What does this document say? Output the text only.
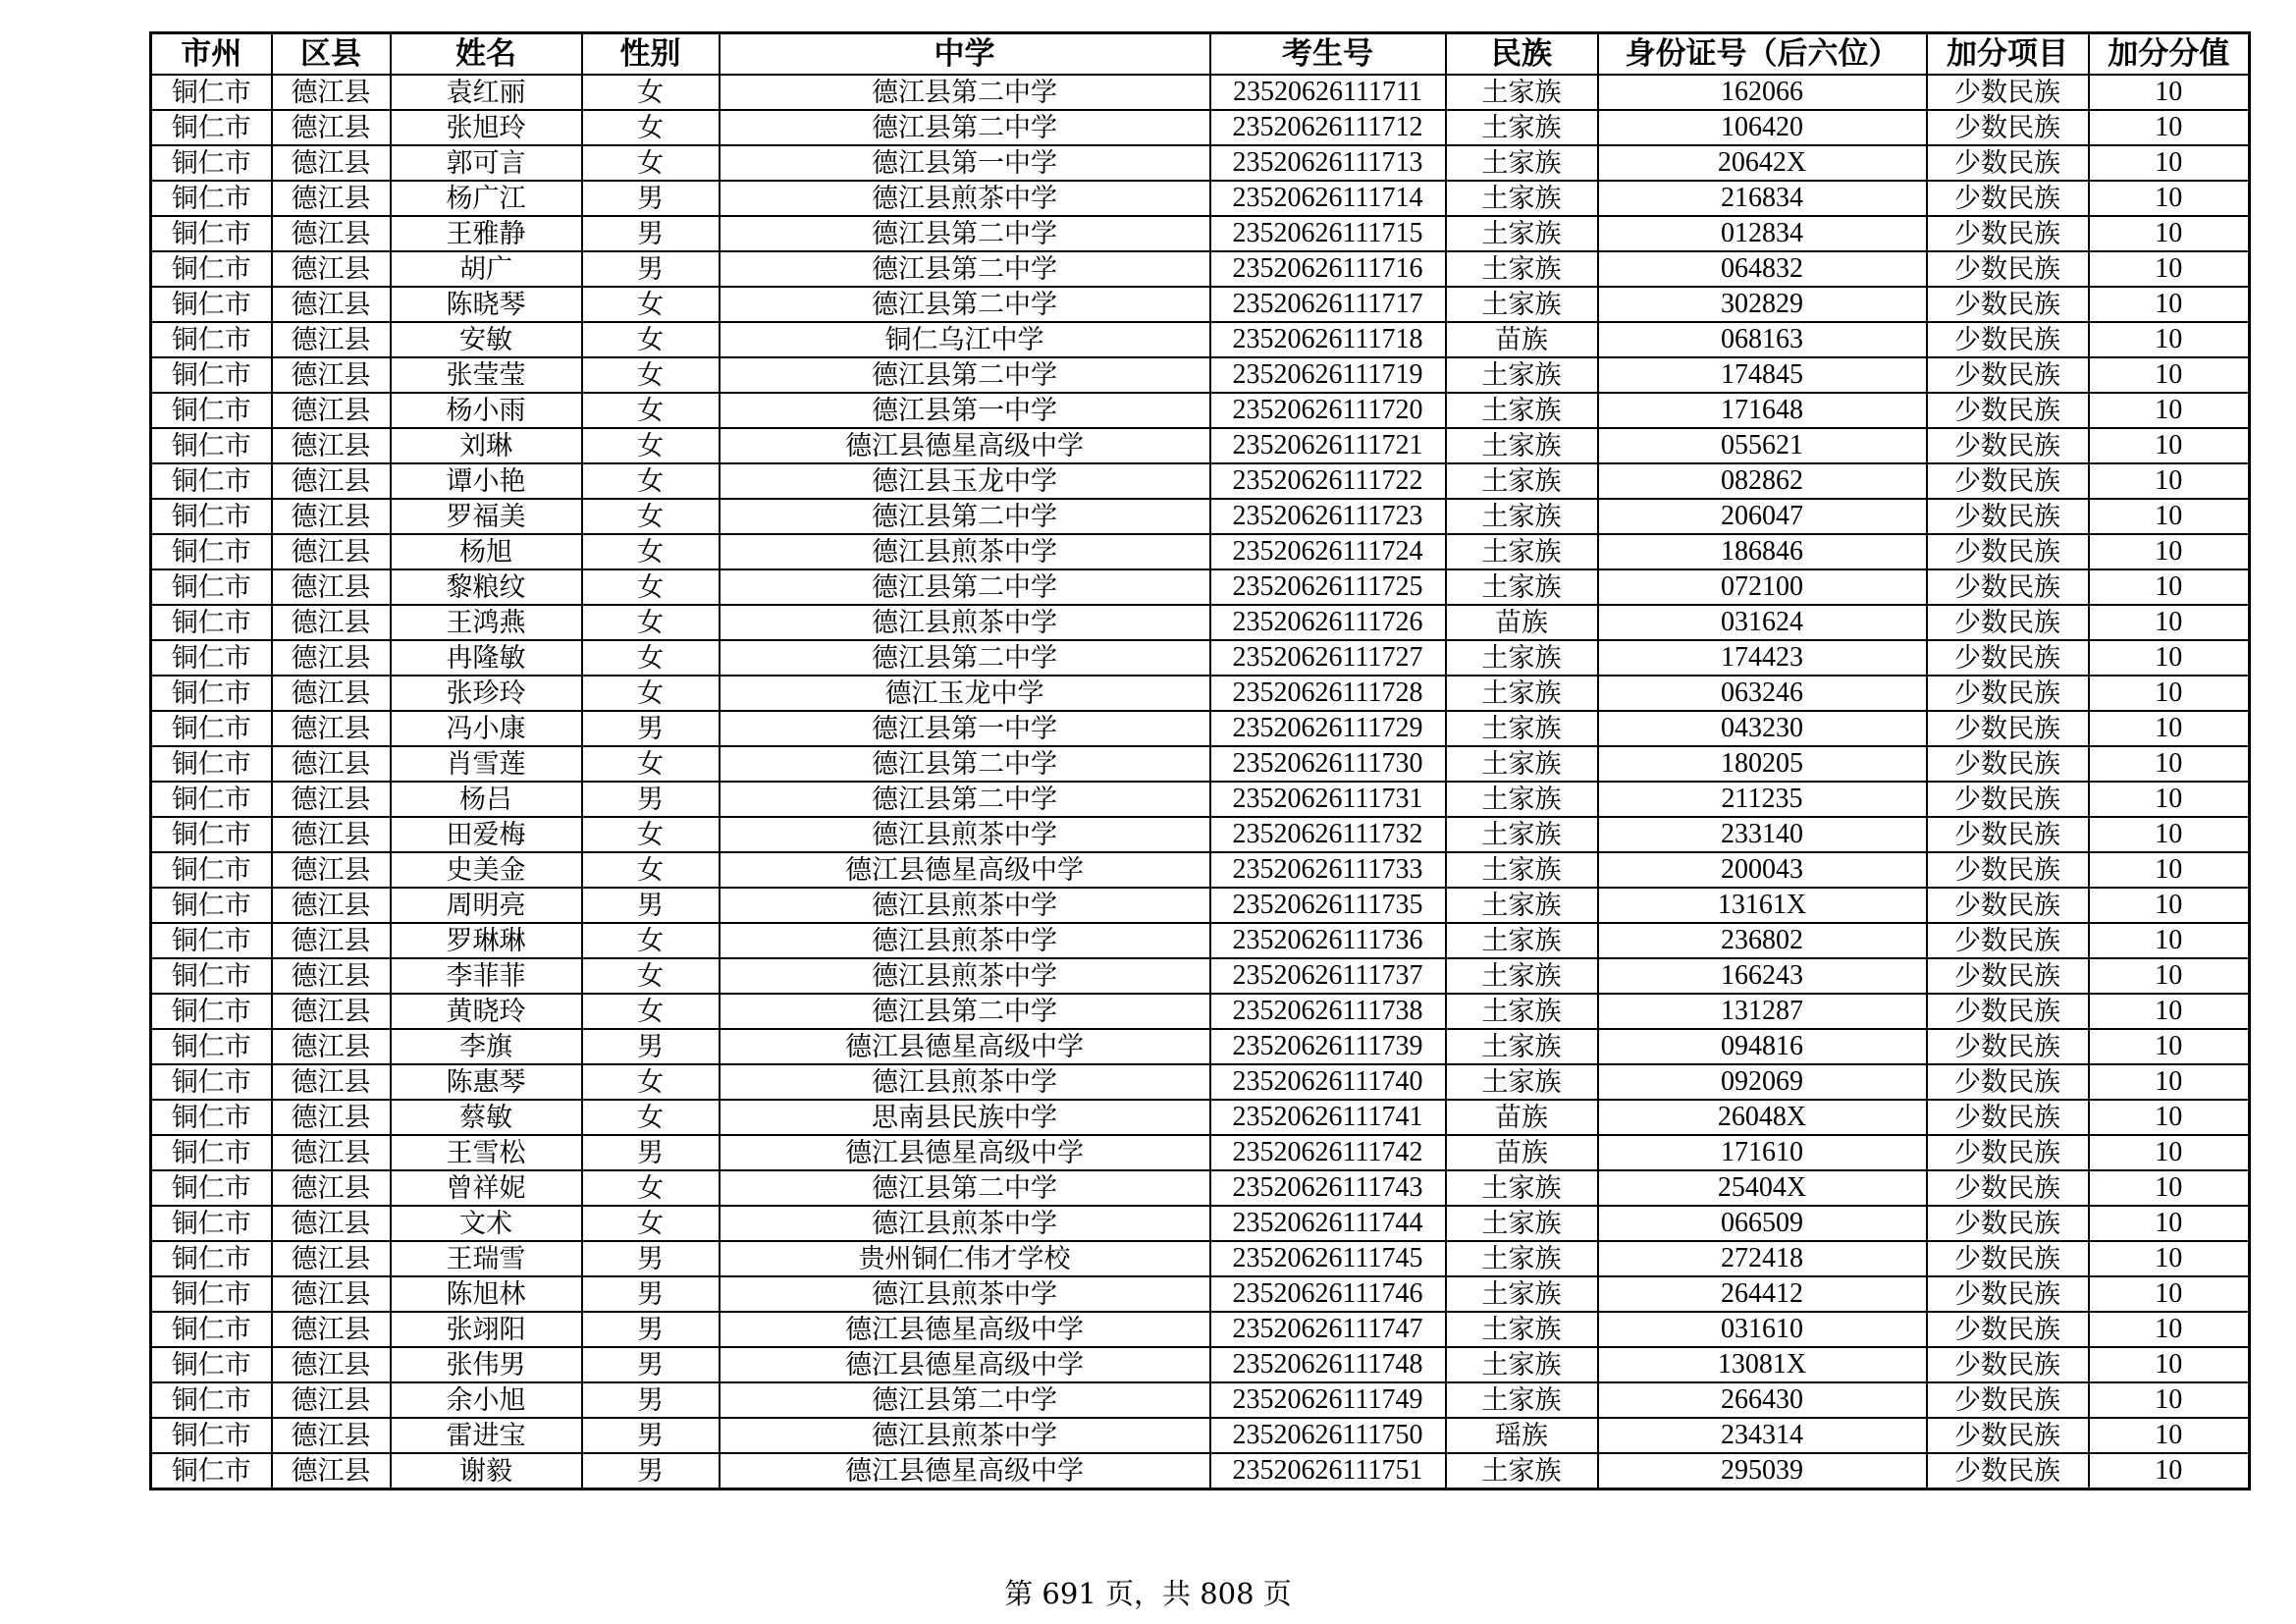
市州	区县	姓名	性别	中学	考生号	民族	身份证号（后六位）	加分项目	加分分值
铜仁市	德江县	袁红丽	女	德江县第二中学	23520626111711	土家族	162066	少数民族	10
铜仁市	德江县	张旭玲	女	德江县第二中学	23520626111712	土家族	106420	少数民族	10
铜仁市	德江县	郭可言	女	德江县第一中学	23520626111713	土家族	20642X	少数民族	10
铜仁市	德江县	杨广江	男	德江县煎茶中学	23520626111714	土家族	216834	少数民族	10
铜仁市	德江县	王雅静	男	德江县第二中学	23520626111715	土家族	012834	少数民族	10
铜仁市	德江县	胡广	男	德江县第二中学	23520626111716	土家族	064832	少数民族	10
铜仁市	德江县	陈晓琴	女	德江县第二中学	23520626111717	土家族	302829	少数民族	10
铜仁市	德江县	安敏	女	铜仁乌江中学	23520626111718	苗族	068163	少数民族	10
铜仁市	德江县	张莹莹	女	德江县第二中学	23520626111719	土家族	174845	少数民族	10
铜仁市	德江县	杨小雨	女	德江县第一中学	23520626111720	土家族	171648	少数民族	10
铜仁市	德江县	刘琳	女	德江县德星高级中学	23520626111721	土家族	055621	少数民族	10
铜仁市	德江县	谭小艳	女	德江县玉龙中学	23520626111722	土家族	082862	少数民族	10
铜仁市	德江县	罗福美	女	德江县第二中学	23520626111723	土家族	206047	少数民族	10
铜仁市	德江县	杨旭	女	德江县煎茶中学	23520626111724	土家族	186846	少数民族	10
铜仁市	德江县	黎粮纹	女	德江县第二中学	23520626111725	土家族	072100	少数民族	10
铜仁市	德江县	王鸿燕	女	德江县煎茶中学	23520626111726	苗族	031624	少数民族	10
铜仁市	德江县	冉隆敏	女	德江县第二中学	23520626111727	土家族	174423	少数民族	10
铜仁市	德江县	张珍玲	女	德江玉龙中学	23520626111728	土家族	063246	少数民族	10
铜仁市	德江县	冯小康	男	德江县第一中学	23520626111729	土家族	043230	少数民族	10
铜仁市	德江县	肖雪莲	女	德江县第二中学	23520626111730	土家族	180205	少数民族	10
铜仁市	德江县	杨吕	男	德江县第二中学	23520626111731	土家族	211235	少数民族	10
铜仁市	德江县	田爱梅	女	德江县煎茶中学	23520626111732	土家族	233140	少数民族	10
铜仁市	德江县	史美金	女	德江县德星高级中学	23520626111733	土家族	200043	少数民族	10
铜仁市	德江县	周明亮	男	德江县煎茶中学	23520626111735	土家族	13161X	少数民族	10
铜仁市	德江县	罗琳琳	女	德江县煎茶中学	23520626111736	土家族	236802	少数民族	10
铜仁市	德江县	李菲菲	女	德江县煎茶中学	23520626111737	土家族	166243	少数民族	10
铜仁市	德江县	黄晓玲	女	德江县第二中学	23520626111738	土家族	131287	少数民族	10
铜仁市	德江县	李旗	男	德江县德星高级中学	23520626111739	土家族	094816	少数民族	10
铜仁市	德江县	陈惠琴	女	德江县煎茶中学	23520626111740	土家族	092069	少数民族	10
铜仁市	德江县	蔡敏	女	思南县民族中学	23520626111741	苗族	26048X	少数民族	10
铜仁市	德江县	王雪松	男	德江县德星高级中学	23520626111742	苗族	171610	少数民族	10
铜仁市	德江县	曾祥妮	女	德江县第二中学	23520626111743	土家族	25404X	少数民族	10
铜仁市	德江县	文术	女	德江县煎茶中学	23520626111744	土家族	066509	少数民族	10
铜仁市	德江县	王瑞雪	男	贵州铜仁伟才学校	23520626111745	土家族	272418	少数民族	10
铜仁市	德江县	陈旭林	男	德江县煎茶中学	23520626111746	土家族	264412	少数民族	10
铜仁市	德江县	张翊阳	男	德江县德星高级中学	23520626111747	土家族	031610	少数民族	10
铜仁市	德江县	张伟男	男	德江县德星高级中学	23520626111748	土家族	13081X	少数民族	10
铜仁市	德江县	余小旭	男	德江县第二中学	23520626111749	土家族	266430	少数民族	10
铜仁市	德江县	雷进宝	男	德江县煎茶中学	23520626111750	瑶族	234314	少数民族	10
铜仁市	德江县	谢毅	男	德江县德星高级中学	23520626111751	土家族	295039	少数民族	10
第 691 页，共 808 页
